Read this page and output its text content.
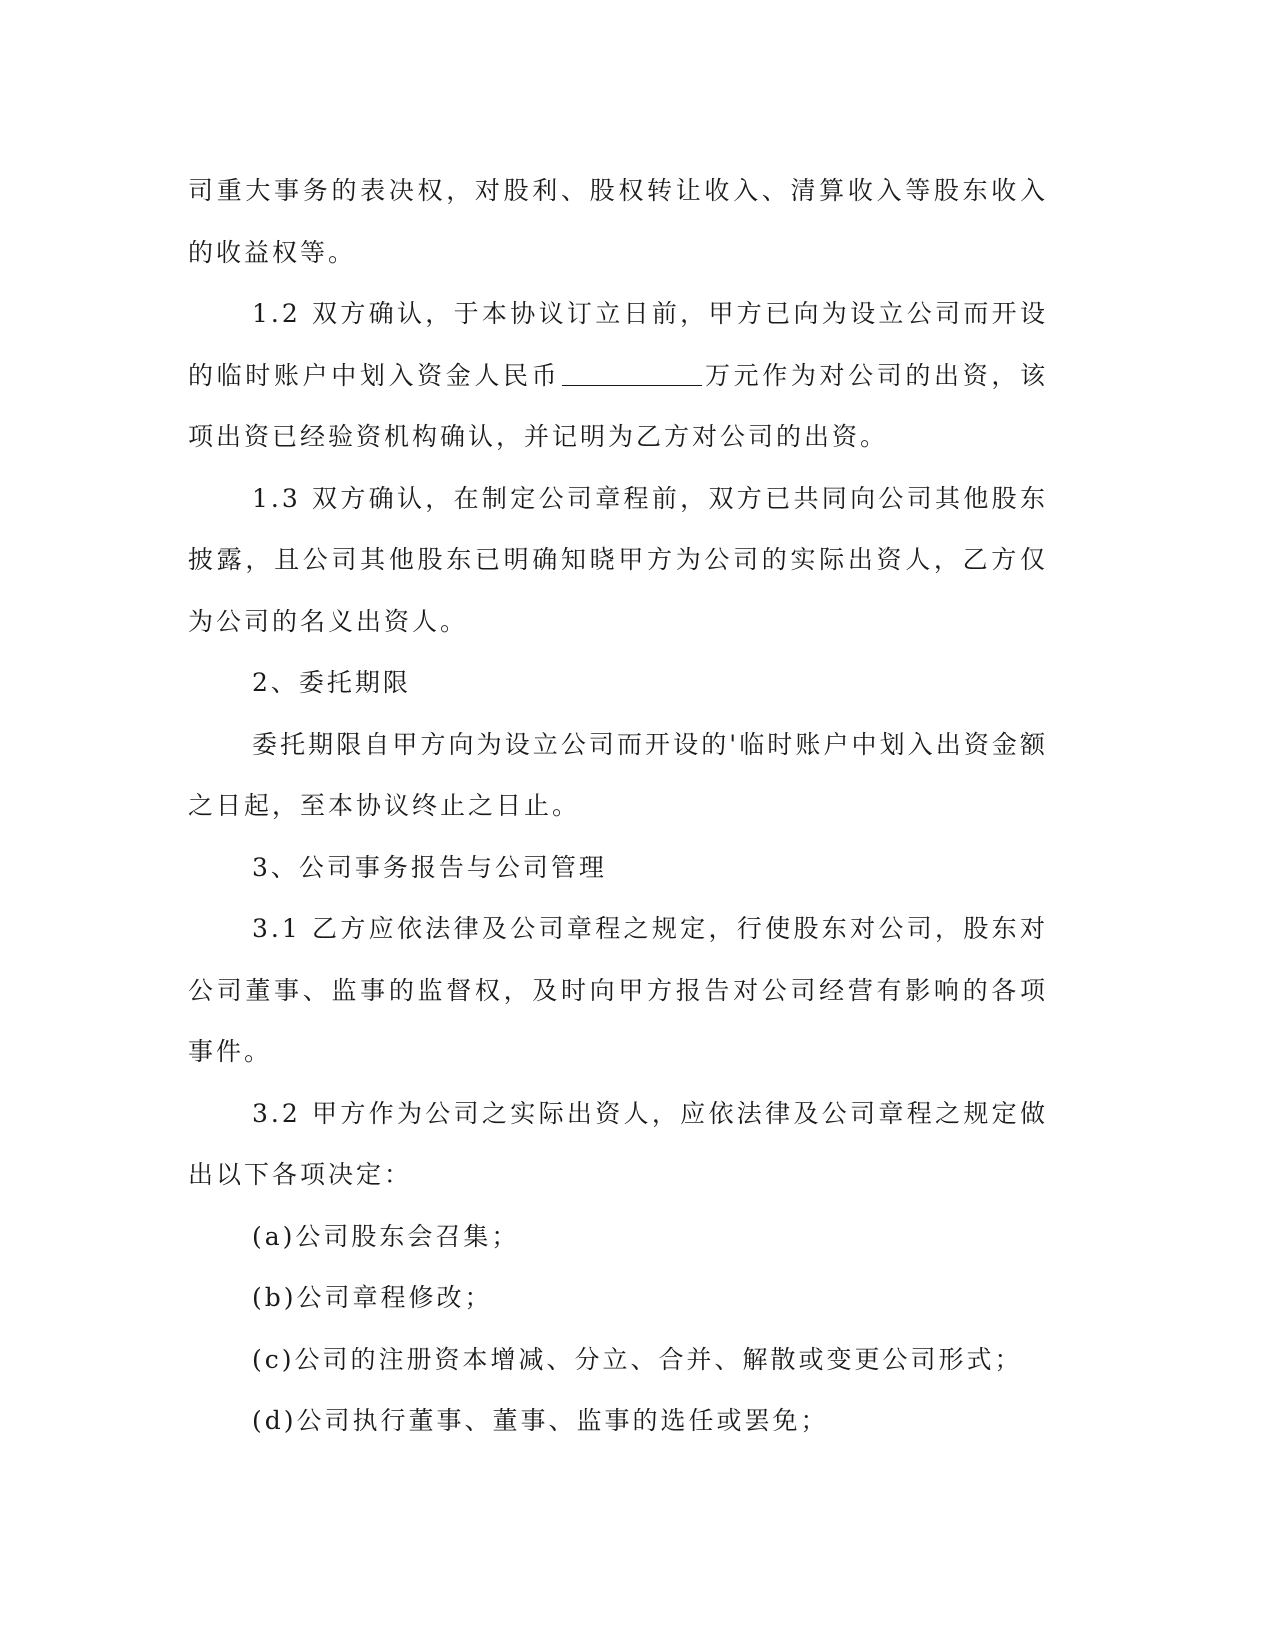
司重大事务的表决权，对股利、股权转让收入、清算收入等股东收入的收益权等。

1.2 双方确认，于本协议订立日前，甲方已向为设立公司而开设的临时账户中划入资金人民币	万元作为对公司的出资，该项出资已经验资机构确认，并记明为乙方对公司的出资。

1.3 双方确认，在制定公司章程前，双方已共同向公司其他股东披露，且公司其他股东已明确知晓甲方为公司的实际出资人，乙方仅为公司的名义出资人。

2、委托期限

委托期限自甲方向为设立公司而开设的'临时账户中划入出资金额之日起，至本协议终止之日止。

3、公司事务报告与公司管理

3.1 乙方应依法律及公司章程之规定，行使股东对公司，股东对公司董事、监事的监督权，及时向甲方报告对公司经营有影响的各项事件。

3.2 甲方作为公司之实际出资人，应依法律及公司章程之规定做出以下各项决定：

(a)公司股东会召集；

(b)公司章程修改；

(c)公司的注册资本增减、分立、合并、解散或变更公司形式；

(d)公司执行董事、董事、监事的选任或罢免；
